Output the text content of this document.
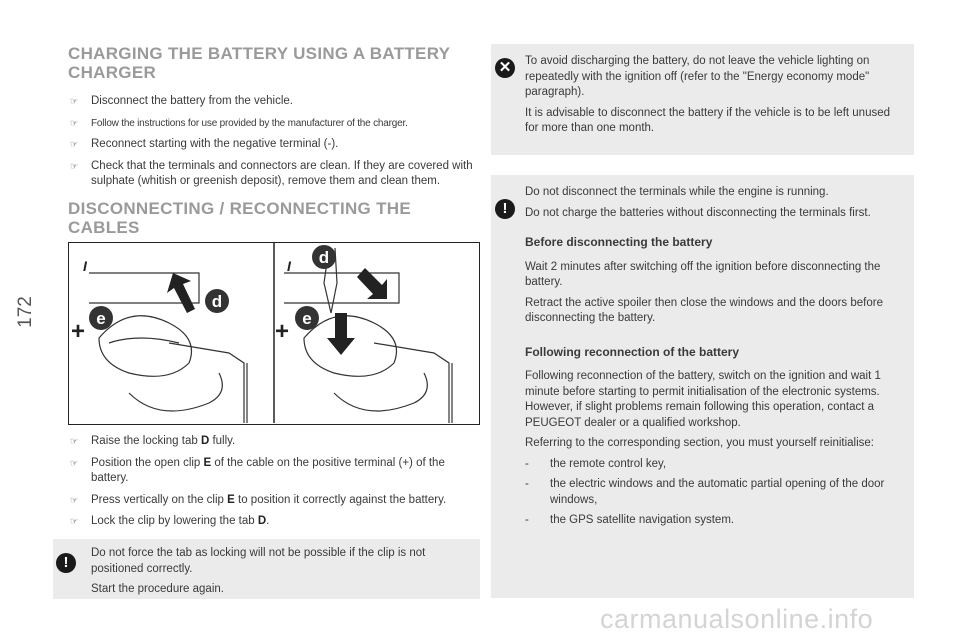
172
CHARGING THE BATTERY USING A BATTERY CHARGER
☞ Disconnect the battery from the vehicle.
☞ Follow the instructions for use provided by the manufacturer of the charger.
☞ Reconnect starting with the negative terminal (-).
☞ Check that the terminals and connectors are clean. If they are covered with sulphate (whitish or greenish deposit), remove them and clean them.
DISCONNECTING / RECONNECTING THE CABLES
I
+ e
d
I
+ e
d
☞ Raise the locking tab D fully.
☞ Position the open clip E of the cable on the positive terminal (+) of the battery.
☞ Press vertically on the clip E to position it correctly against the battery.
☞ Lock the clip by lowering the tab D.
!

Do not force the tab as locking will not be possible if the clip is not positioned correctly.

Start the procedure again.

✕	To avoid discharging the battery, do not leave the vehicle lighting on repeatedly with the ignition off (refer to the "Energy economy mode" paragraph).

It is advisable to disconnect the battery if the vehicle is to be left unused for more than one month.

!

Do not disconnect the terminals while the engine is running.

Do not charge the batteries without disconnecting the terminals first.

Before disconnecting the battery

Wait 2 minutes after switching off the ignition before disconnecting the battery.

Retract the active spoiler then close the windows and the doors before disconnecting the battery.

Following reconnection of the battery

Following reconnection of the battery, switch on the ignition and wait 1 minute before starting to permit initialisation of the electronic systems. However, if slight problems remain following this operation, contact a PEUGEOT dealer or a qualified workshop.

Referring to the corresponding section, you must yourself reinitialise:

- the remote control key,
- the electric windows and the automatic partial opening of the door windows,
- the GPS satellite navigation system.
carmanualsonline.info
